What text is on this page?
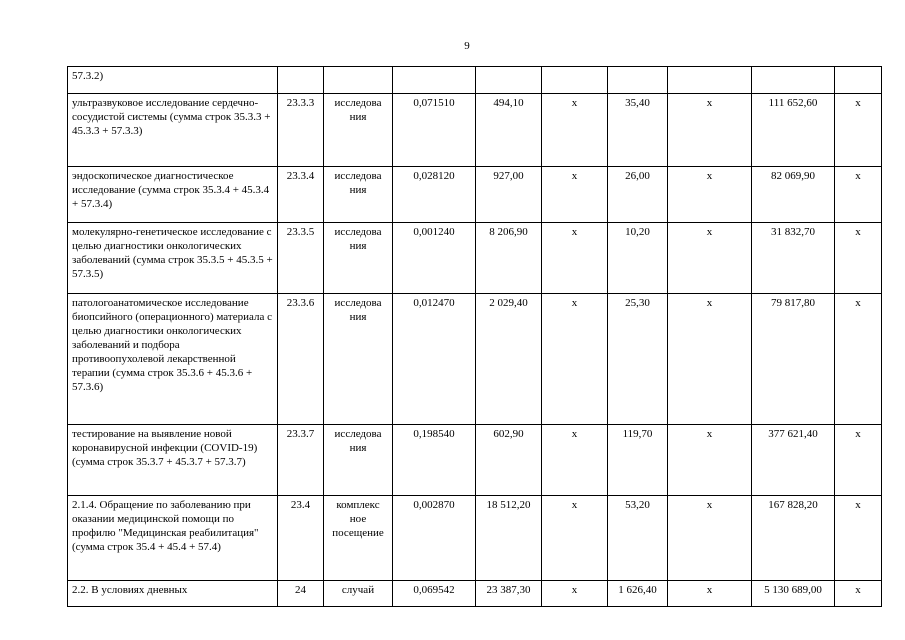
9
57.3.2)									
ультразвуковое исследование сердечно-сосудистой системы (сумма строк 35.3.3 + 45.3.3 + 57.3.3)	23.3.3	исследова ния	0,071510	494,10	х	35,40	х	111 652,60	х
эндоскопическое диагностическое исследование (сумма строк 35.3.4 + 45.3.4 + 57.3.4)	23.3.4	исследова ния	0,028120	927,00	х	26,00	х	82 069,90	х
молекулярно-генетическое исследование с целью диагностики онкологических заболеваний (сумма строк 35.3.5 + 45.3.5 + 57.3.5)	23.3.5	исследова ния	0,001240	8 206,90	х	10,20	х	31 832,70	х
патологоанатомическое исследование биопсийного (операционного) материала с целью диагностики онкологических заболеваний и подбора противоопухолевой лекарственной терапии (сумма строк 35.3.6 + 45.3.6 + 57.3.6)	23.3.6	исследова ния	0,012470	2 029,40	х	25,30	х	79 817,80	х
тестирование на выявление новой коронавирусной инфекции (COVID-19) (сумма строк 35.3.7 + 45.3.7 + 57.3.7)	23.3.7	исследова ния	0,198540	602,90	х	119,70	х	377 621,40	х
2.1.4. Обращение по заболеванию при оказании медицинской помощи по профилю "Медицинская реабилитация" (сумма строк 35.4 + 45.4 + 57.4)	23.4	комплекс ное посещение	0,002870	18 512,20	х	53,20	х	167 828,20	х
2.2. В условиях дневных	24	случай	0,069542	23 387,30	х	1 626,40	х	5 130 689,00	х
